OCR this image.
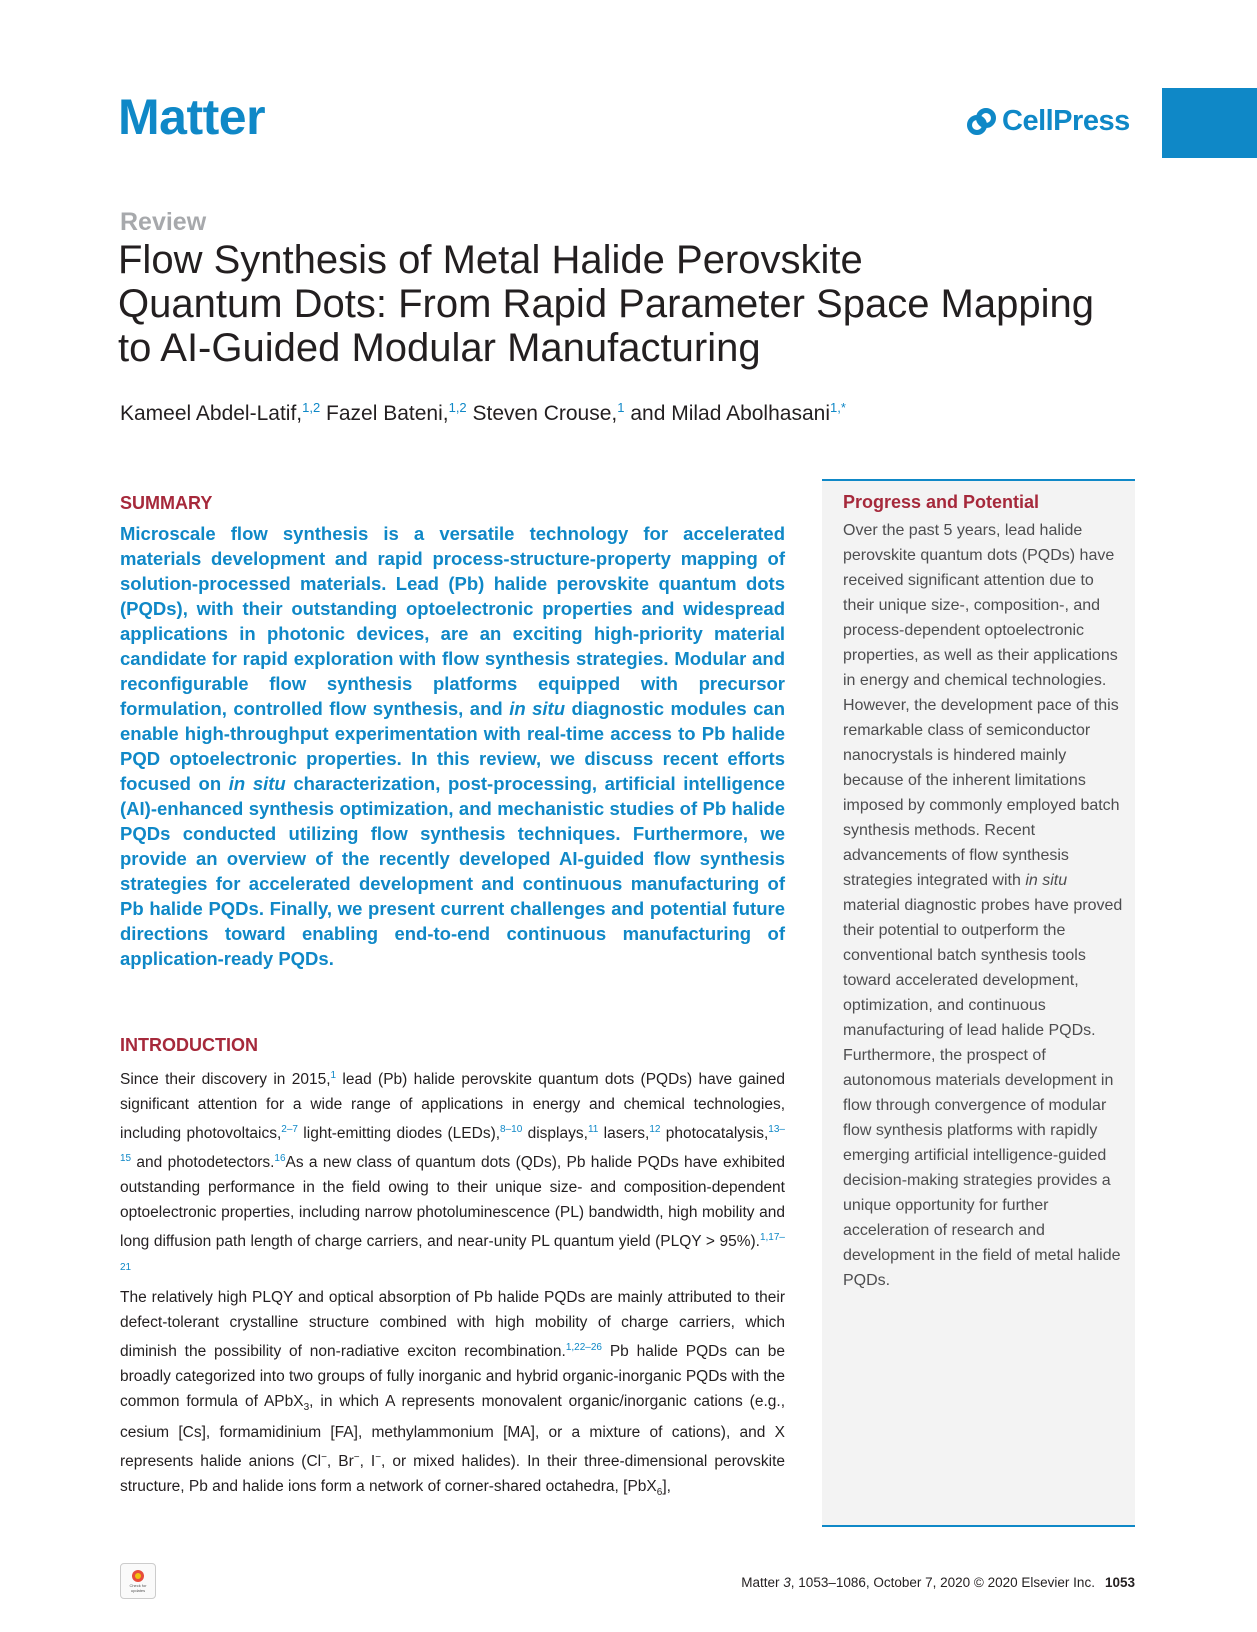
Matter	CellPress
Review
Flow Synthesis of Metal Halide Perovskite
Quantum Dots: From Rapid Parameter Space Mapping
to AI-Guided Modular Manufacturing
Kameel Abdel-Latif,$^{1,2}$ Fazel Bateni,$^{1,2}$ Steven Crouse,$^1$ and Milad Abolhasani$^{1,*}$
SUMMARY

Microscale flow synthesis is a versatile technology for accelerated materials development and rapid process-structure-property mapping of solution-processed materials. Lead (Pb) halide perovskite quantum dots (PQDs), with their outstanding optoelectronic properties and widespread applications in photonic devices, are an exciting high-priority material candidate for rapid exploration with flow synthesis strategies. Modular and reconfigurable flow synthesis platforms equipped with precursor formulation, controlled flow synthesis, and in situ diagnostic modules can enable high-throughput experimentation with real-time access to Pb halide PQD optoelectronic properties. In this review, we discuss recent efforts focused on in situ characterization, post-processing, artificial intelligence (AI)-enhanced synthesis optimization, and mechanistic studies of Pb halide PQDs conducted utilizing flow synthesis techniques. Furthermore, we provide an overview of the recently developed AI-guided flow synthesis strategies for accelerated development and continuous manufacturing of Pb halide PQDs. Finally, we present current challenges and potential future directions toward enabling end-to-end continuous manufacturing of application-ready PQDs.

INTRODUCTION

Since their discovery in 2015,$^1$ lead (Pb) halide perovskite quantum dots (PQDs) have gained significant attention for a wide range of applications in energy and chemical technologies, including photovoltaics,$^{2-7}$ light-emitting diodes (LEDs),$^{8-10}$ displays,$^{11}$ lasers,$^{12}$ photocatalysis,$^{13-15}$ and photodetectors.$^{16}$As a new class of quantum dots (QDs), Pb halide PQDs have exhibited outstanding performance in the field owing to their unique size- and composition-dependent optoelectronic properties, including narrow photoluminescence (PL) bandwidth, high mobility and long diffusion path length of charge carriers, and near-unity PL quantum yield (PLQY > 95%).$^{1,17-21}$

The relatively high PLQY and optical absorption of Pb halide PQDs are mainly attributed to their defect-tolerant crystalline structure combined with high mobility of charge carriers, which diminish the possibility of non-radiative exciton recombination.$^{1,22-26}$ Pb halide PQDs can be broadly categorized into two groups of fully inorganic and hybrid organic-inorganic PQDs with the common formula of APbX$_3$, in which A represents monovalent organic/inorganic cations (e.g., cesium [Cs], formamidinium [FA], methylammonium [MA], or a mixture of cations), and X represents halide anions (Cl−, Br−, I−, or mixed halides). In their three-dimensional perovskite structure, Pb and halide ions form a network of corner-shared octahedra, [PbX$_6$],

Progress and Potential

Over the past 5 years, lead halide perovskite quantum dots (PQDs) have received significant attention due to their unique size-, composition-, and process-dependent optoelectronic properties, as well as their applications in energy and chemical technologies. However, the development pace of this remarkable class of semiconductor nanocrystals is hindered mainly because of the inherent limitations imposed by commonly employed batch synthesis methods. Recent advancements of flow synthesis strategies integrated with in situ material diagnostic probes have proved their potential to outperform the conventional batch synthesis tools toward accelerated development, optimization, and continuous manufacturing of lead halide PQDs. Furthermore, the prospect of autonomous materials development in flow through convergence of modular flow synthesis platforms with rapidly emerging artificial intelligence-guided decision-making strategies provides a unique opportunity for further acceleration of research and development in the field of metal halide PQDs.

Check for
updates
Matter 3, 1053–1086, October 7, 2020 © 2020 Elsevier Inc. 1053
